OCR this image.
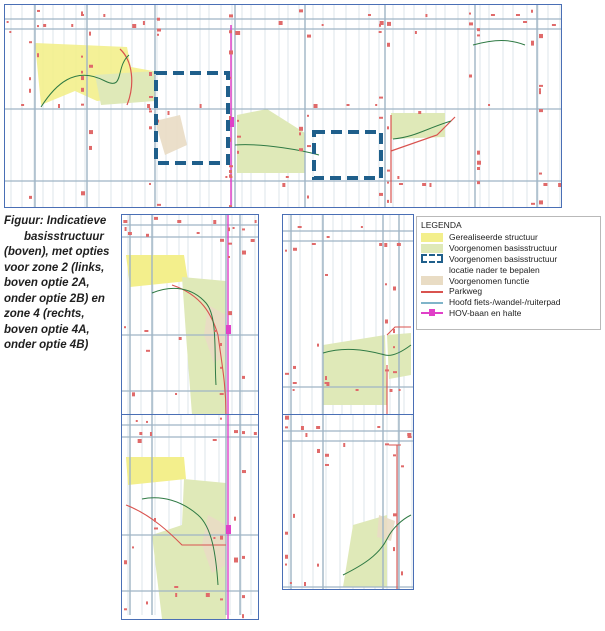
Figuur: Indicatieve
basisstructuur
(boven), met opties
voor zone 2 (links,
boven optie 2A,
onder optie 2B) en
zone 4 (rechts,
boven optie 4A,
onder optie 4B)
LEGENDA
Gerealiseerde structuur
Voorgenomen basisstructuur
Voorgenomen basisstructuur
locatie nader te bepalen
Voorgenomen functie
Parkweg
Hoofd fiets-/wandel-/ruiterpad
HOV-baan en halte
